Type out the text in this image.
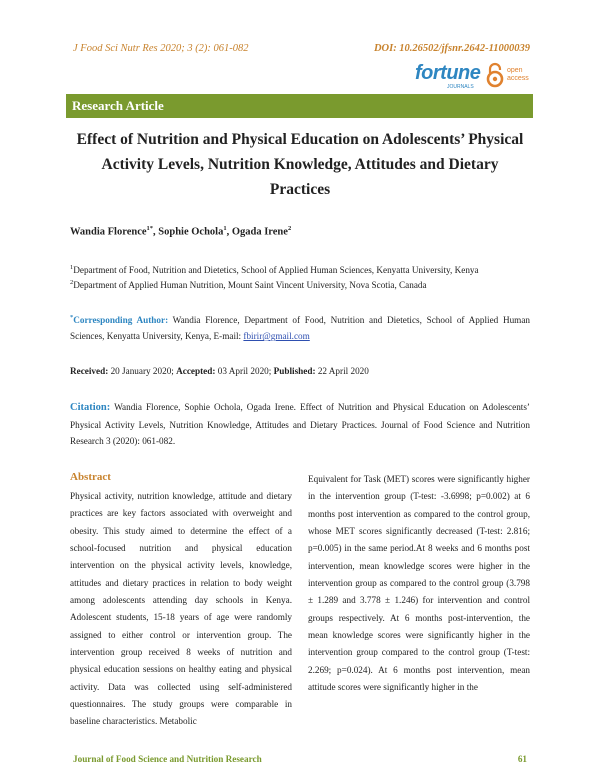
J Food Sci Nutr Res 2020; 3 (2): 061-082	DOI: 10.26502/jfsnr.2642-11000039
fortune
JOURNALS
open
access
Research Article
Effect of Nutrition and Physical Education on Adolescents’ Physical Activity Levels, Nutrition Knowledge, Attitudes and Dietary Practices
Wandia Florence$^{1*}$, Sophie Ochola$^1$, Ogada Irene$^2$
$^1$Department of Food, Nutrition and Dietetics, School of Applied Human Sciences, Kenyatta University, Kenya
$^2$Department of Applied Human Nutrition, Mount Saint Vincent University, Nova Scotia, Canada
*Corresponding Author: Wandia Florence, Department of Food, Nutrition and Dietetics, School of Applied Human Sciences, Kenyatta University, Kenya, E-mail: fbirir@gmail.com
Received: 20 January 2020; Accepted: 03 April 2020; Published: 22 April 2020
Citation: Wandia Florence, Sophie Ochola, Ogada Irene. Effect of Nutrition and Physical Education on Adolescents’ Physical Activity Levels, Nutrition Knowledge, Attitudes and Dietary Practices. Journal of Food Science and Nutrition Research 3 (2020): 061-082.
Abstract

Physical activity, nutrition knowledge, attitude and dietary practices are key factors associated with overweight and obesity. This study aimed to determine the effect of a school-focused nutrition and physical education intervention on the physical activity levels, knowledge, attitudes and dietary practices in relation to body weight among adolescents attending day schools in Kenya. Adolescent students, 15-18 years of age were randomly assigned to either control or intervention group. The intervention group received 8 weeks of nutrition and physical education sessions on healthy eating and physical activity. Data was collected using self-administered questionnaires. The study groups were comparable in baseline characteristics. Metabolic

Equivalent for Task (MET) scores were significantly higher in the intervention group (T-test: -3.6998; p=0.002) at 6 months post intervention as compared to the control group, whose MET scores significantly decreased (T-test: 2.816; p=0.005) in the same period.At 8 weeks and 6 months post intervention, mean knowledge scores were higher in the intervention group as compared to the control group (3.798 ± 1.289 and 3.778 ± 1.246) for intervention and control groups respectively. At 6 months post-intervention, the mean knowledge scores were significantly higher in the intervention group compared to the control group (T-test: 2.269; p=0.024). At 6 months post intervention, mean attitude scores were significantly higher in the

Journal of Food Science and Nutrition Research	61
